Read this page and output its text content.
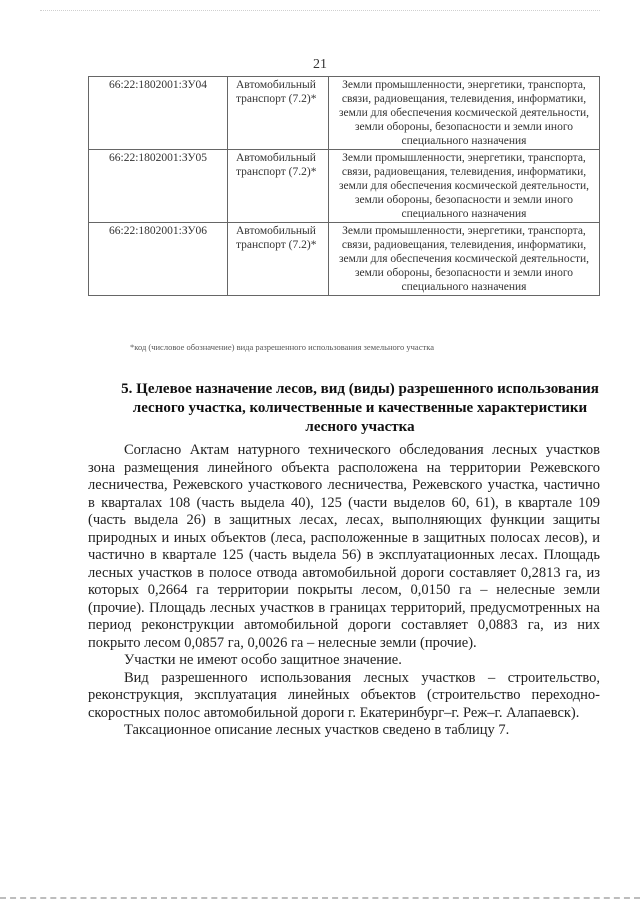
21
66:22:1802001:ЗУ04	Автомобильный транспорт (7.2)*	Земли промышленности, энергетики, транспорта, связи, радиовещания, телевидения, информатики, земли для обеспечения космической деятельности, земли обороны, безопасности и земли иного специального назначения
66:22:1802001:ЗУ05	Автомобильный транспорт (7.2)*	Земли промышленности, энергетики, транспорта, связи, радиовещания, телевидения, информатики, земли для обеспечения космической деятельности, земли обороны, безопасности и земли иного специального назначения
66:22:1802001:ЗУ06	Автомобильный транспорт (7.2)*	Земли промышленности, энергетики, транспорта, связи, радиовещания, телевидения, информатики, земли для обеспечения космической деятельности, земли обороны, безопасности и земли иного специального назначения
*код (числовое обозначение) вида разрешенного использования земельного участка
5. Целевое назначение лесов, вид (виды) разрешенного использования лесного участка, количественные и качественные характеристики лесного участка

Согласно Актам натурного технического обследования лесных участков зона размещения линейного объекта расположена на территории Режевского лесничества, Режевского участкового лесничества, Режевского участка, частично в кварталах 108 (часть выдела 40), 125 (части выделов 60, 61), в квартале 109 (часть выдела 26) в защитных лесах, лесах, выполняющих функции защиты природных и иных объектов (леса, расположенные в защитных полосах лесов), и частично в квартале 125 (часть выдела 56) в эксплуатационных лесах. Площадь лесных участков в полосе отвода автомобильной дороги составляет 0,2813 га, из которых 0,2664 га территории покрыты лесом, 0,0150 га – нелесные земли (прочие). Площадь лесных участков в границах территорий, предусмотренных на период реконструкции автомобильной дороги составляет 0,0883 га, из них покрыто лесом 0,0857 га, 0,0026 га – нелесные земли (прочие).

Участки не имеют особо защитное значение.

Вид разрешенного использования лесных участков – строительство, реконструкция, эксплуатация линейных объектов (строительство переходно-скоростных полос автомобильной дороги г. Екатеринбург–г. Реж–г. Алапаевск).

Таксационное описание лесных участков сведено в таблицу 7.
